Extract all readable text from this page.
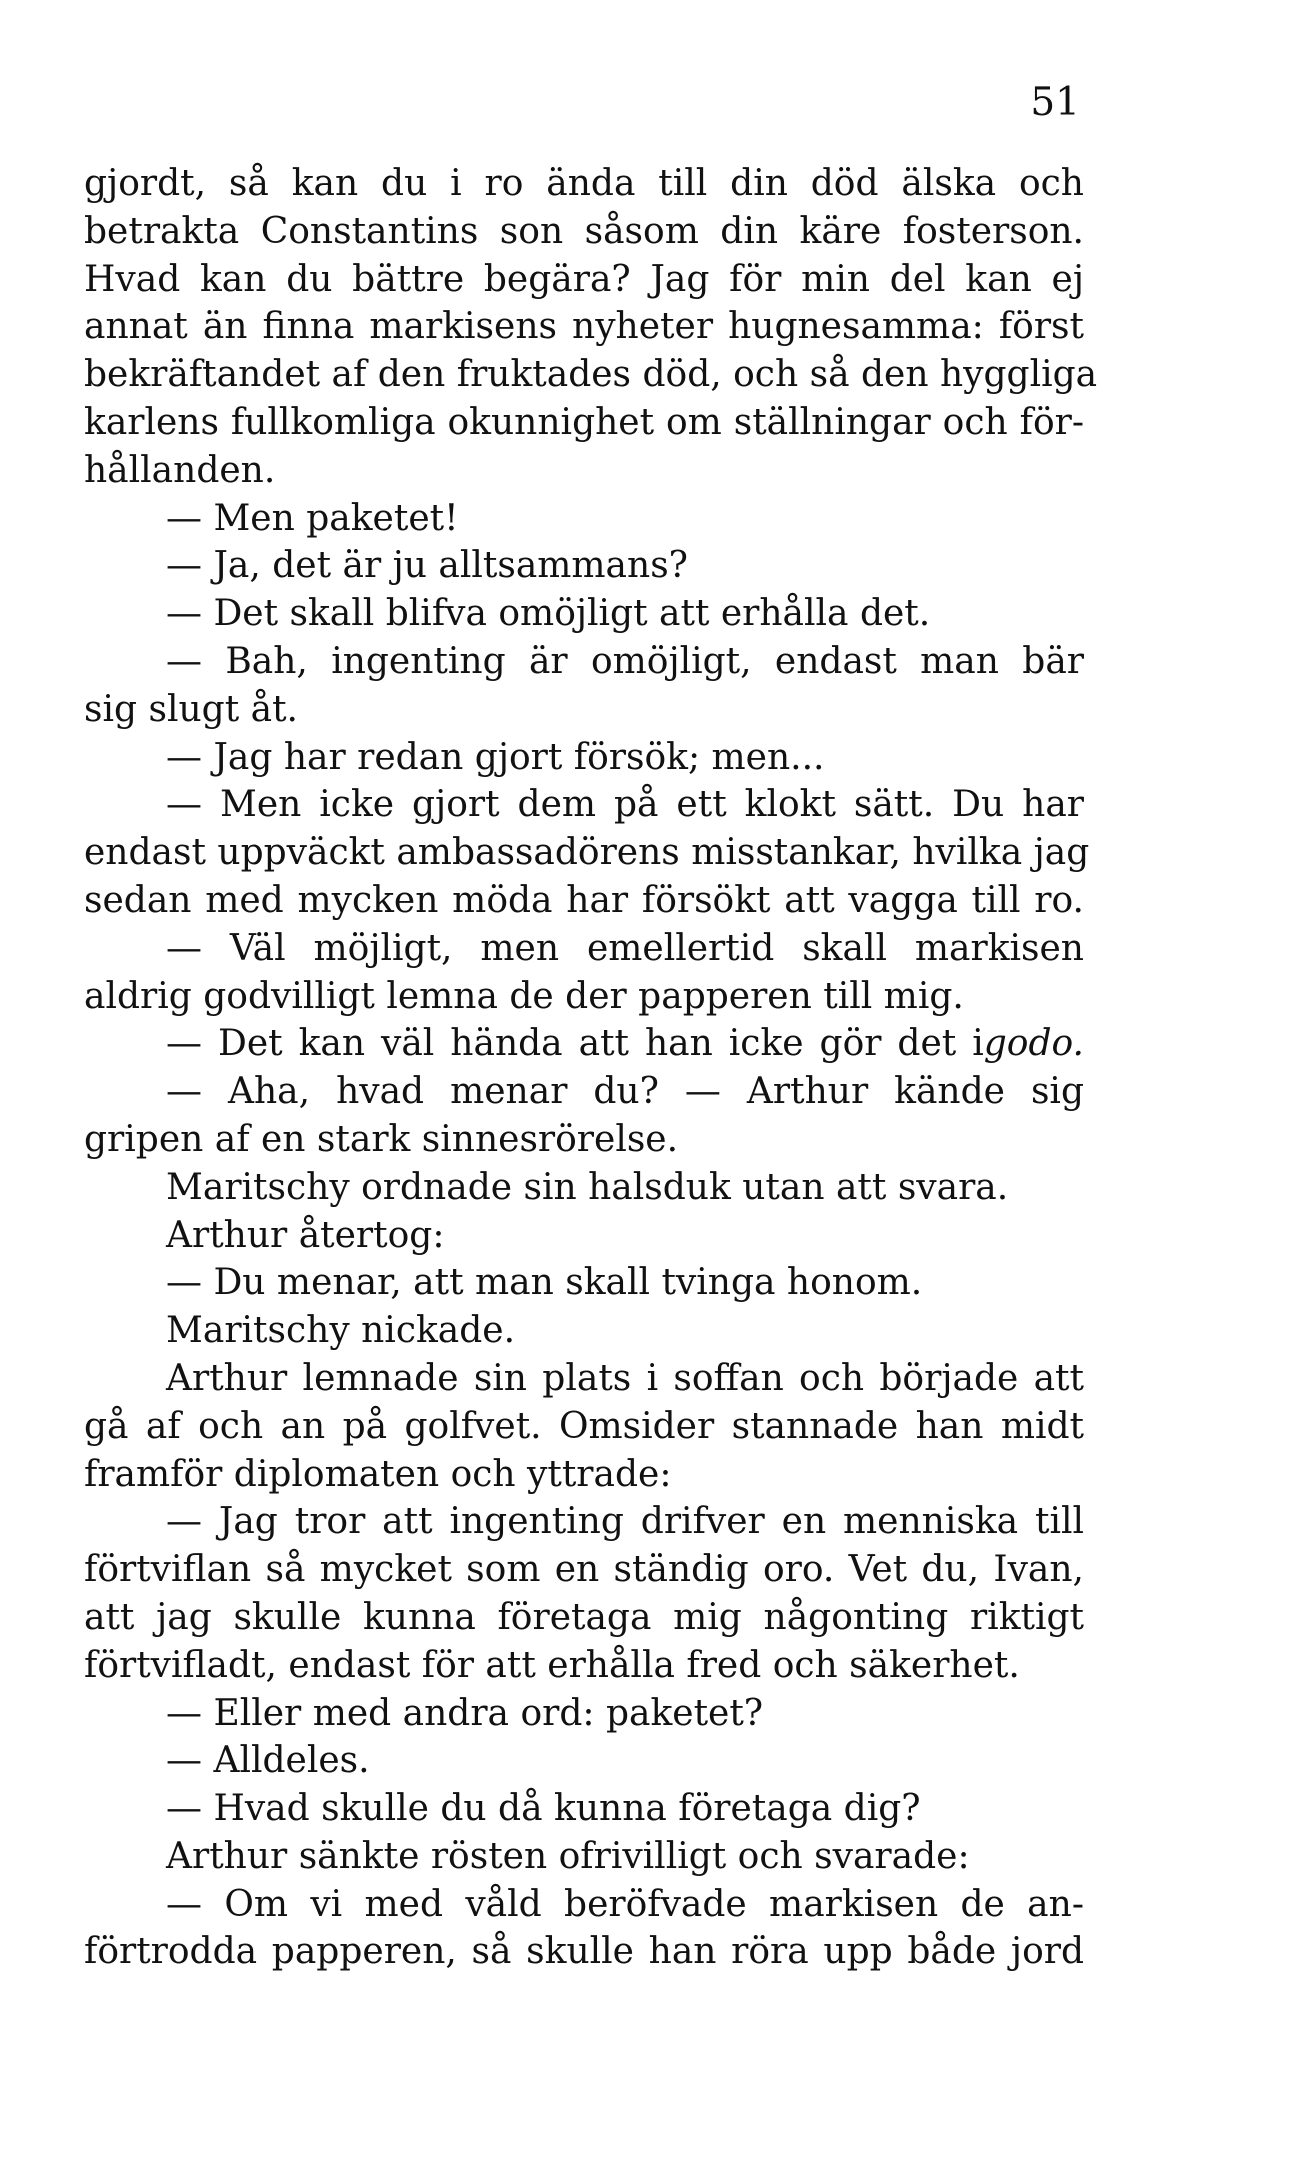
51
gjordt, så kan du i ro ända till din död älska och
betrakta Constantins son såsom din käre fosterson.
Hvad kan du bättre begära? Jag för min del kan ej
annat än finna markisens nyheter hugnesamma: först
bekräftandet af den fruktades död, och så den hyggliga
karlens fullkomliga okunnighet om ställningar och för-
hållanden.
— Men paketet!
— Ja, det är ju alltsammans?
— Det skall blifva omöjligt att erhålla det.
— Bah, ingenting är omöjligt, endast man bär
sig slugt åt.
— Jag har redan gjort försök; men...
— Men icke gjort dem på ett klokt sätt. Du har
endast uppväckt ambassadörens misstankar, hvilka jag
sedan med mycken möda har försökt att vagga till ro.
— Väl möjligt, men emellertid skall markisen
aldrig godvilligt lemna de der papperen till mig.
— Det kan väl hända att han icke gör det igodo.
— Aha, hvad menar du? — Arthur kände sig
gripen af en stark sinnesrörelse.
Maritschy ordnade sin halsduk utan att svara.
Arthur återtog:
— Du menar, att man skall tvinga honom.
Maritschy nickade.
Arthur lemnade sin plats i soffan och började att
gå af och an på golfvet. Omsider stannade han midt
framför diplomaten och yttrade:
— Jag tror att ingenting drifver en menniska till
förtviflan så mycket som en ständig oro. Vet du, Ivan,
att jag skulle kunna företaga mig någonting riktigt
förtvifladt, endast för att erhålla fred och säkerhet.
— Eller med andra ord: paketet?
— Alldeles.
— Hvad skulle du då kunna företaga dig?
Arthur sänkte rösten ofrivilligt och svarade:
— Om vi med våld beröfvade markisen de an-
förtrodda papperen, så skulle han röra upp både jord
